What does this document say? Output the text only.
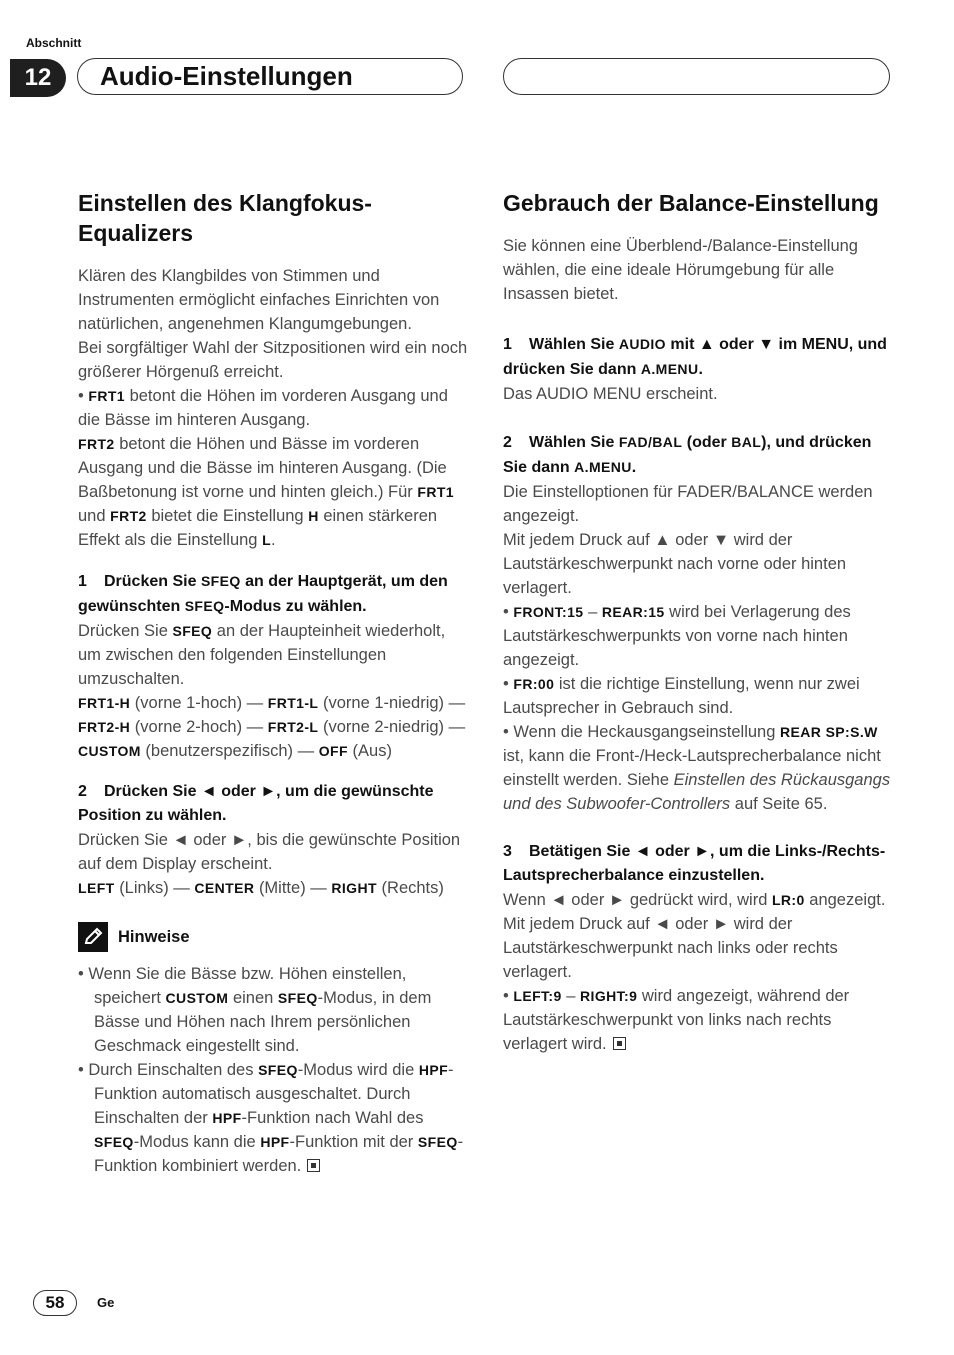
Abschnitt
12	Audio-Einstellungen
Einstellen des Klangfokus-Equalizers

Klären des Klangbildes von Stimmen und Instrumenten ermöglicht einfaches Einrichten von natürlichen, angenehmen Klangumgebungen.

Bei sorgfältiger Wahl der Sitzpositionen wird ein noch größerer Hörgenuß erreicht.

• FRT1 betont die Höhen im vorderen Ausgang und die Bässe im hinteren Ausgang.

FRT2 betont die Höhen und Bässe im vorderen Ausgang und die Bässe im hinteren Ausgang. (Die Baßbetonung ist vorne und hinten gleich.) Für FRT1 und FRT2 bietet die Einstellung H einen stärkeren Effekt als die Einstellung L.

1 Drücken Sie SFEQ an der Hauptgerät, um den gewünschten SFEQ-Modus zu wählen.

Drücken Sie SFEQ an der Haupteinheit wiederholt, um zwischen den folgenden Einstellungen umzuschalten.

FRT1-H (vorne 1-hoch) — FRT1-L (vorne 1-niedrig) — FRT2-H (vorne 2-hoch) — FRT2-L (vorne 2-niedrig) — CUSTOM (benutzerspezifisch) — OFF (Aus)

2 Drücken Sie ◄ oder ►, um die gewünschte Position zu wählen.

Drücken Sie ◄ oder ►, bis die gewünschte Position auf dem Display erscheint.

LEFT (Links) — CENTER (Mitte) — RIGHT (Rechts)

Hinweise
• Wenn Sie die Bässe bzw. Höhen einstellen, speichert CUSTOM einen SFEQ-Modus, in dem Bässe und Höhen nach Ihrem persönlichen Geschmack eingestellt sind.
• Durch Einschalten des SFEQ-Modus wird die HPF-Funktion automatisch ausgeschaltet. Durch Einschalten der HPF-Funktion nach Wahl des SFEQ-Modus kann die HPF-Funktion mit der SFEQ-Funktion kombiniert werden.
Gebrauch der Balance-Einstellung

Sie können eine Überblend-/Balance-Einstellung wählen, die eine ideale Hörumgebung für alle Insassen bietet.

1 Wählen Sie AUDIO mit ▲ oder ▼ im MENU, und drücken Sie dann A.MENU.

Das AUDIO MENU erscheint.

2 Wählen Sie FAD/BAL (oder BAL), und drücken Sie dann A.MENU.

Die Einstelloptionen für FADER/BALANCE werden angezeigt.

Mit jedem Druck auf ▲ oder ▼ wird der Lautstärkeschwerpunkt nach vorne oder hinten verlagert.

• FRONT:15 – REAR:15 wird bei Verlagerung des Lautstärkeschwerpunkts von vorne nach hinten angezeigt.

• FR:00 ist die richtige Einstellung, wenn nur zwei Lautsprecher in Gebrauch sind.

• Wenn die Heckausgangseinstellung REAR SP:S.W ist, kann die Front-/Heck-Lautsprecherbalance nicht einstellt werden. Siehe Einstellen des Rückausgangs und des Subwoofer-Controllers auf Seite 65.

3 Betätigen Sie ◄ oder ►, um die Links-/Rechts-Lautsprecherbalance einzustellen.

Wenn ◄ oder ► gedrückt wird, wird LR:0 angezeigt. Mit jedem Druck auf ◄ oder ► wird der Lautstärkeschwerpunkt nach links oder rechts verlagert.

• LEFT:9 – RIGHT:9 wird angezeigt, während der Lautstärkeschwerpunkt von links nach rechts verlagert wird.

58	Ge
